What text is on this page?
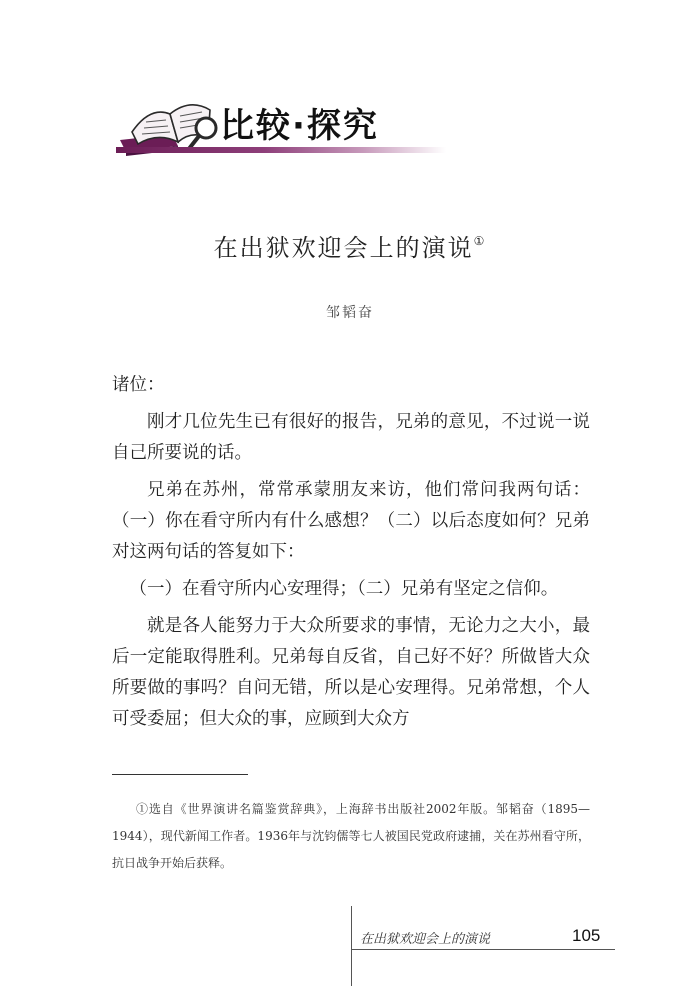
比较·探究
在出狱欢迎会上的演说①
邹韬奋

诸位：

刚才几位先生已有很好的报告，兄弟的意见，不过说一说自己所要说的话。

兄弟在苏州，常常承蒙朋友来访，他们常问我两句话：（一）你在看守所内有什么感想？（二）以后态度如何？兄弟对这两句话的答复如下：

（一）在看守所内心安理得；（二）兄弟有坚定之信仰。

就是各人能努力于大众所要求的事情，无论力之大小，最后一定能取得胜利。兄弟每自反省，自己好不好？所做皆大众所要做的事吗？自问无错，所以是心安理得。兄弟常想，个人可受委屈；但大众的事，应顾到大众方

①选自《世界演讲名篇鉴赏辞典》，上海辞书出版社2002年版。邹韬奋（1895—1944），现代新闻工作者。1936年与沈钧儒等七人被国民党政府逮捕，关在苏州看守所，抗日战争开始后获释。
在出狱欢迎会上的演说	105
